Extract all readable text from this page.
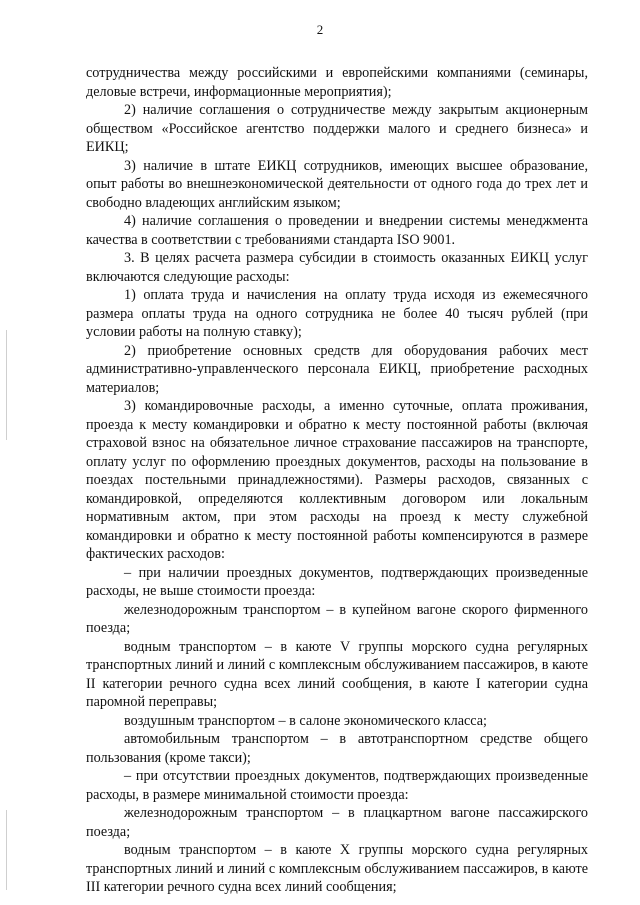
2

сотрудничества между российскими и европейскими компаниями (семинары, деловые встречи, информационные мероприятия);

2) наличие соглашения о сотрудничестве между закрытым акционерным обществом «Российское агентство поддержки малого и среднего бизнеса» и ЕИКЦ;

3) наличие в штате ЕИКЦ сотрудников, имеющих высшее образование, опыт работы во внешнеэкономической деятельности от одного года до трех лет и свободно владеющих английским языком;

4) наличие соглашения о проведении и внедрении системы менеджмента качества в соответствии с требованиями стандарта ISO 9001.

3. В целях расчета размера субсидии в стоимость оказанных ЕИКЦ услуг включаются следующие расходы:

1) оплата труда и начисления на оплату труда исходя из ежемесячного размера оплаты труда на одного сотрудника не более 40 тысяч рублей (при условии работы на полную ставку);

2) приобретение основных средств для оборудования рабочих мест административно-управленческого персонала ЕИКЦ, приобретение расходных материалов;

3) командировочные расходы, а именно суточные, оплата проживания, проезда к месту командировки и обратно к месту постоянной работы (включая страховой взнос на обязательное личное страхование пассажиров на транспорте, оплату услуг по оформлению проездных документов, расходы на пользование в поездах постельными принадлежностями). Размеры расходов, связанных с командировкой, определяются коллективным договором или локальным нормативным актом, при этом расходы на проезд к месту служебной командировки и обратно к месту постоянной работы компенсируются в размере фактических расходов:

– при наличии проездных документов, подтверждающих произведенные расходы, не выше стоимости проезда:

железнодорожным транспортом – в купейном вагоне скорого фирменного поезда;

водным транспортом – в каюте V группы морского судна регулярных транспортных линий и линий с комплексным обслуживанием пассажиров, в каюте II категории речного судна всех линий сообщения, в каюте I категории судна паромной переправы;

воздушным транспортом – в салоне экономического класса;

автомобильным транспортом – в автотранспортном средстве общего пользования (кроме такси);

– при отсутствии проездных документов, подтверждающих произведенные расходы, в размере минимальной стоимости проезда:

железнодорожным транспортом – в плацкартном вагоне пассажирского поезда;

водным транспортом – в каюте X группы морского судна регулярных транспортных линий и линий с комплексным обслуживанием пассажиров, в каюте III категории речного судна всех линий сообщения;
